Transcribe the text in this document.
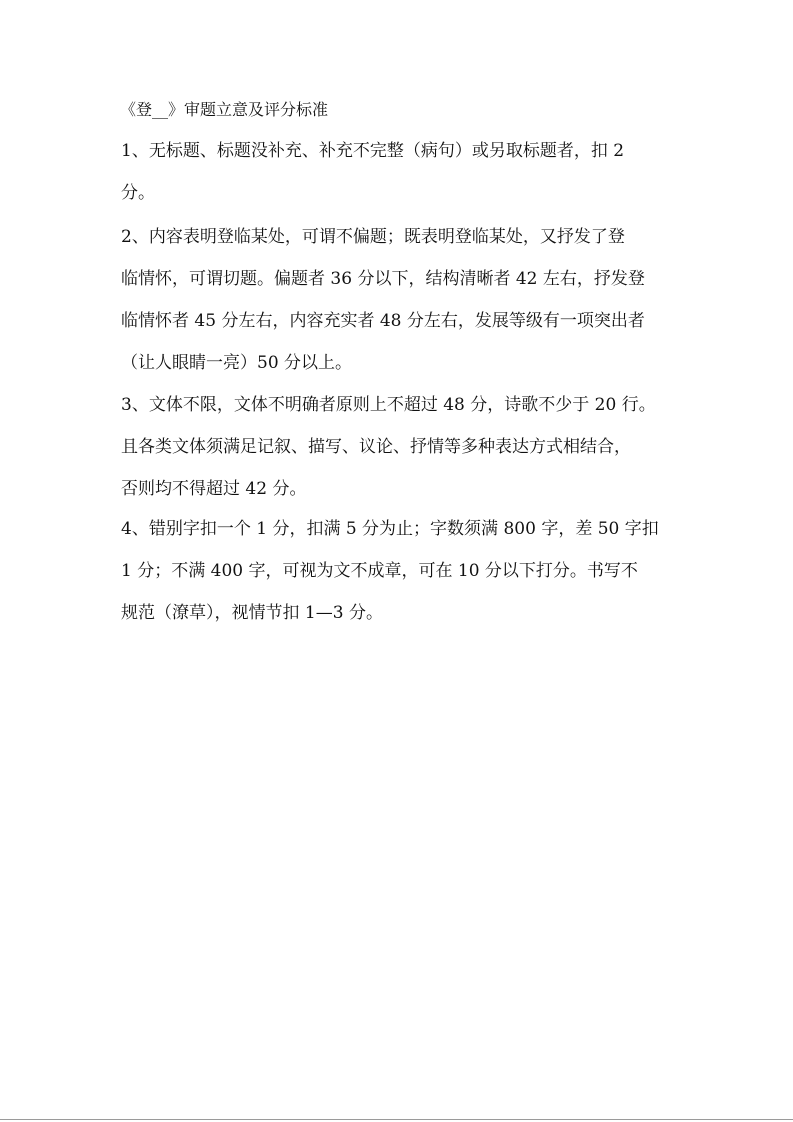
《登__》审题立意及评分标准
1、无标题、标题没补充、补充不完整（病句）或另取标题者，扣 2
分。
2、内容表明登临某处，可谓不偏题；既表明登临某处，又抒发了登
临情怀，可谓切题。偏题者 36 分以下，结构清晰者 42 左右，抒发登
临情怀者 45 分左右，内容充实者 48 分左右，发展等级有一项突出者
（让人眼睛一亮）50 分以上。
3、文体不限，文体不明确者原则上不超过 48 分，诗歌不少于 20 行。
且各类文体须满足记叙、描写、议论、抒情等多种表达方式相结合，
否则均不得超过 42 分。
4、错别字扣一个 1 分，扣满 5 分为止；字数须满 800 字，差 50 字扣
1 分；不满 400 字，可视为文不成章，可在 10 分以下打分。书写不
规范（潦草），视情节扣 1—3 分。
